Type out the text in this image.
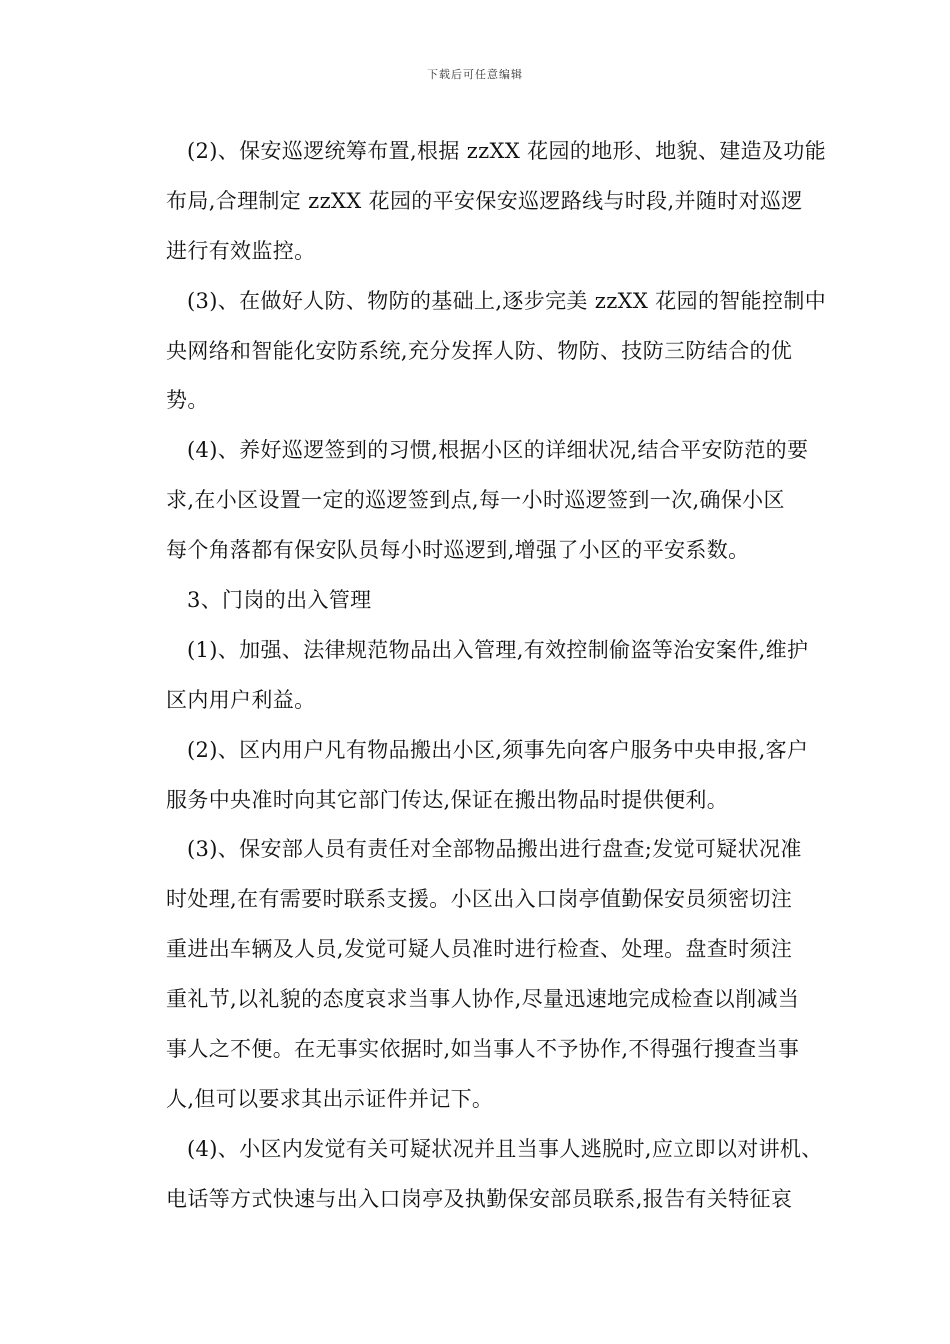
下载后可任意编辑
(2)、保安巡逻统筹布置,根据 zzXX 花园的地形、地貌、建造及功能
布局,合理制定 zzXX 花园的平安保安巡逻路线与时段,并随时对巡逻
进行有效监控。
(3)、在做好人防、物防的基础上,逐步完美 zzXX 花园的智能控制中
央网络和智能化安防系统,充分发挥人防、物防、技防三防结合的优
势。
(4)、养好巡逻签到的习惯,根据小区的详细状况,结合平安防范的要
求,在小区设置一定的巡逻签到点,每一小时巡逻签到一次,确保小区
每个角落都有保安队员每小时巡逻到,增强了小区的平安系数。
3、门岗的出入管理
(1)、加强、法律规范物品出入管理,有效控制偷盗等治安案件,维护
区内用户利益。
(2)、区内用户凡有物品搬出小区,须事先向客户服务中央申报,客户
服务中央准时向其它部门传达,保证在搬出物品时提供便利。
(3)、保安部人员有责任对全部物品搬出进行盘查;发觉可疑状况准
时处理,在有需要时联系支援。小区出入口岗亭值勤保安员须密切注
重进出车辆及人员,发觉可疑人员准时进行检查、处理。盘查时须注
重礼节,以礼貌的态度哀求当事人协作,尽量迅速地完成检查以削减当
事人之不便。在无事实依据时,如当事人不予协作,不得强行搜查当事
人,但可以要求其出示证件并记下。
(4)、小区内发觉有关可疑状况并且当事人逃脱时,应立即以对讲机、
电话等方式快速与出入口岗亭及执勤保安部员联系,报告有关特征哀
